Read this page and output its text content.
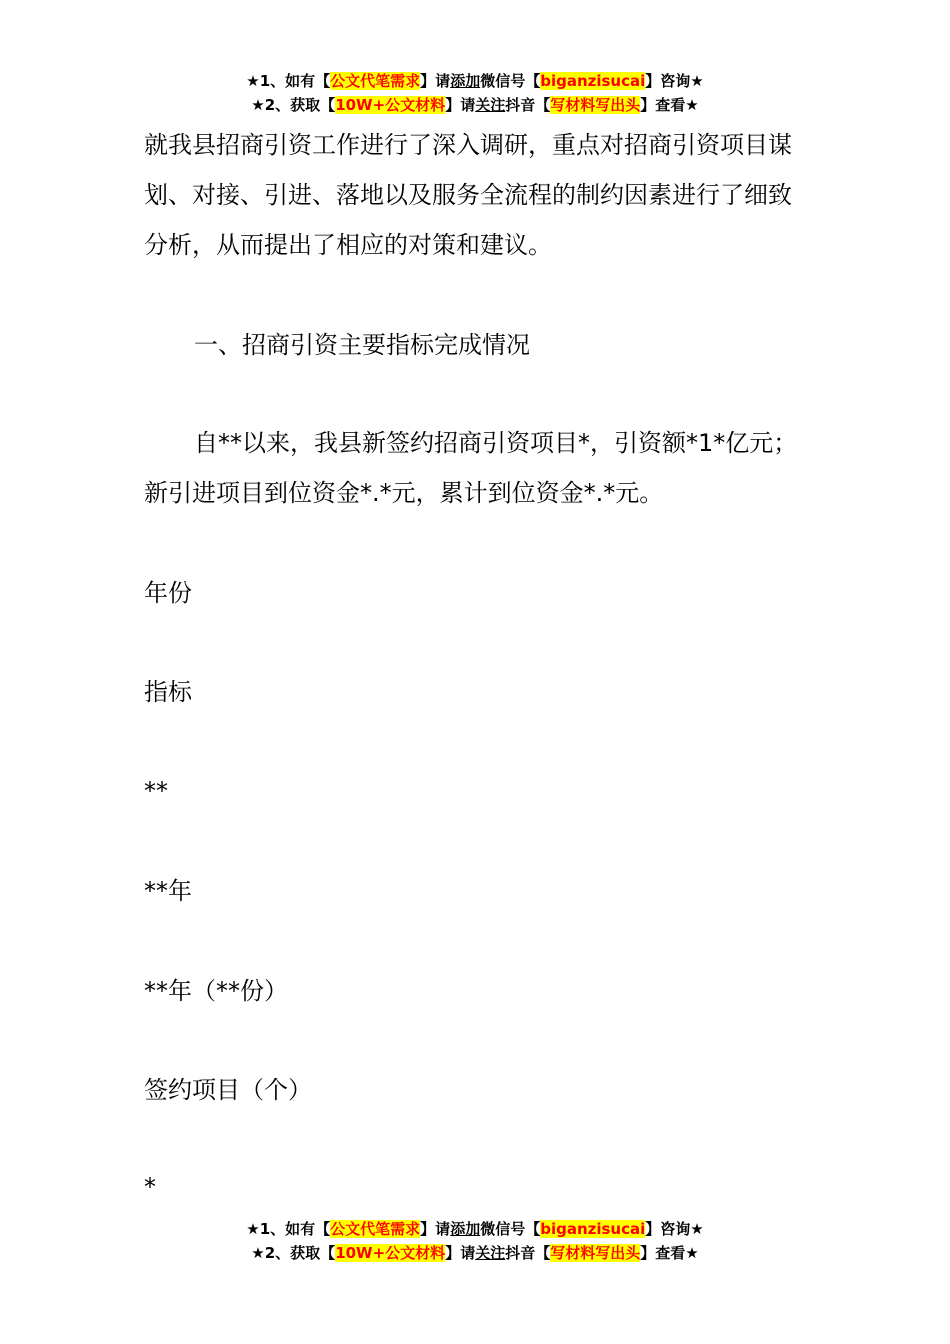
★1、如有【公文代笔需求】请添加微信号【biganzisucai】咨询★
★2、获取【10W+公文材料】请关注抖音【写材料写出头】查看★

就我县招商引资工作进行了深入调研，重点对招商引资项目谋划、对接、引进、落地以及服务全流程的制约因素进行了细致分析，从而提出了相应的对策和建议。

一、招商引资主要指标完成情况

自**以来，我县新签约招商引资项目*，引资额*1*亿元；新引进项目到位资金*.*元，累计到位资金*.*元。

年份

指标

**

**年

**年（**份）

签约项目（个）

*

★1、如有【公文代笔需求】请添加微信号【biganzisucai】咨询★
★2、获取【10W+公文材料】请关注抖音【写材料写出头】查看★
